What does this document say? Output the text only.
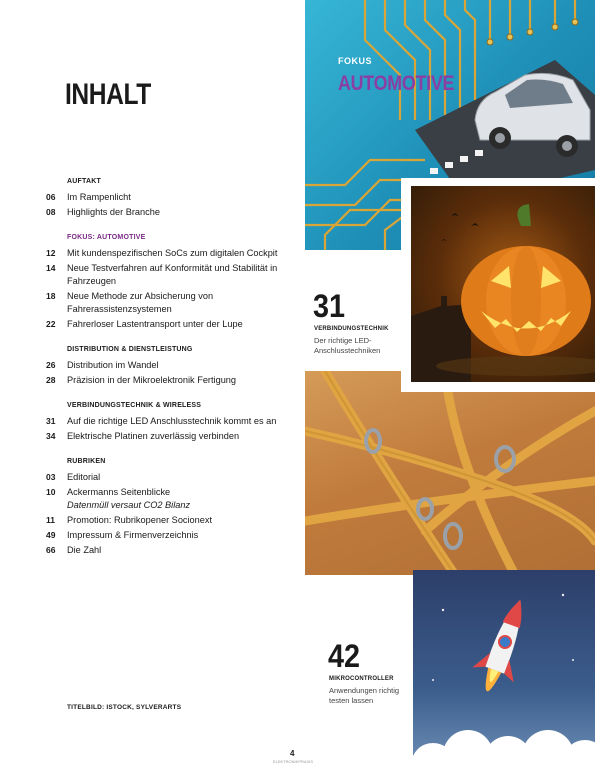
INHALT
AUFTAKT
06	Im Rampenlicht
08	Highlights der Branche
FOKUS: AUTOMOTIVE
12	Mit kundenspezifischen SoCs zum digitalen Cockpit
14	Neue Testverfahren auf Konformität und Stabilität in Fahrzeugen
18	Neue Methode zur Absicherung von Fahrerassistenzsystemen
22	Fahrerloser Lastentransport unter der Lupe
DISTRIBUTION & DIENSTLEISTUNG
26	Distribution im Wandel
28	Präzision in der Mikroelektronik Fertigung
VERBINDUNGSTECHNIK & WIRELESS
31	Auf die richtige LED Anschlusstechnik kommt es an
34	Elektrische Platinen zuverlässig verbinden
RUBRIKEN
03	Editorial
10	Ackermanns Seitenblicke
Datenmüll versaut CO2 Bilanz
11	Promotion: Rubrikopener Socionext
49	Impressum & Firmenverzeichnis
66	Die Zahl
TITELBILD: ISTOCK, SYLVERARTS
FOKUS
AUTOMOTIVE
31
VERBINDUNGSTECHNIK
Der richtige LED-Anschlusstechniken
42
MIKROCONTROLLER
Anwendungen richtig testen lassen
4
ELEKTRONIKPRAXIS
